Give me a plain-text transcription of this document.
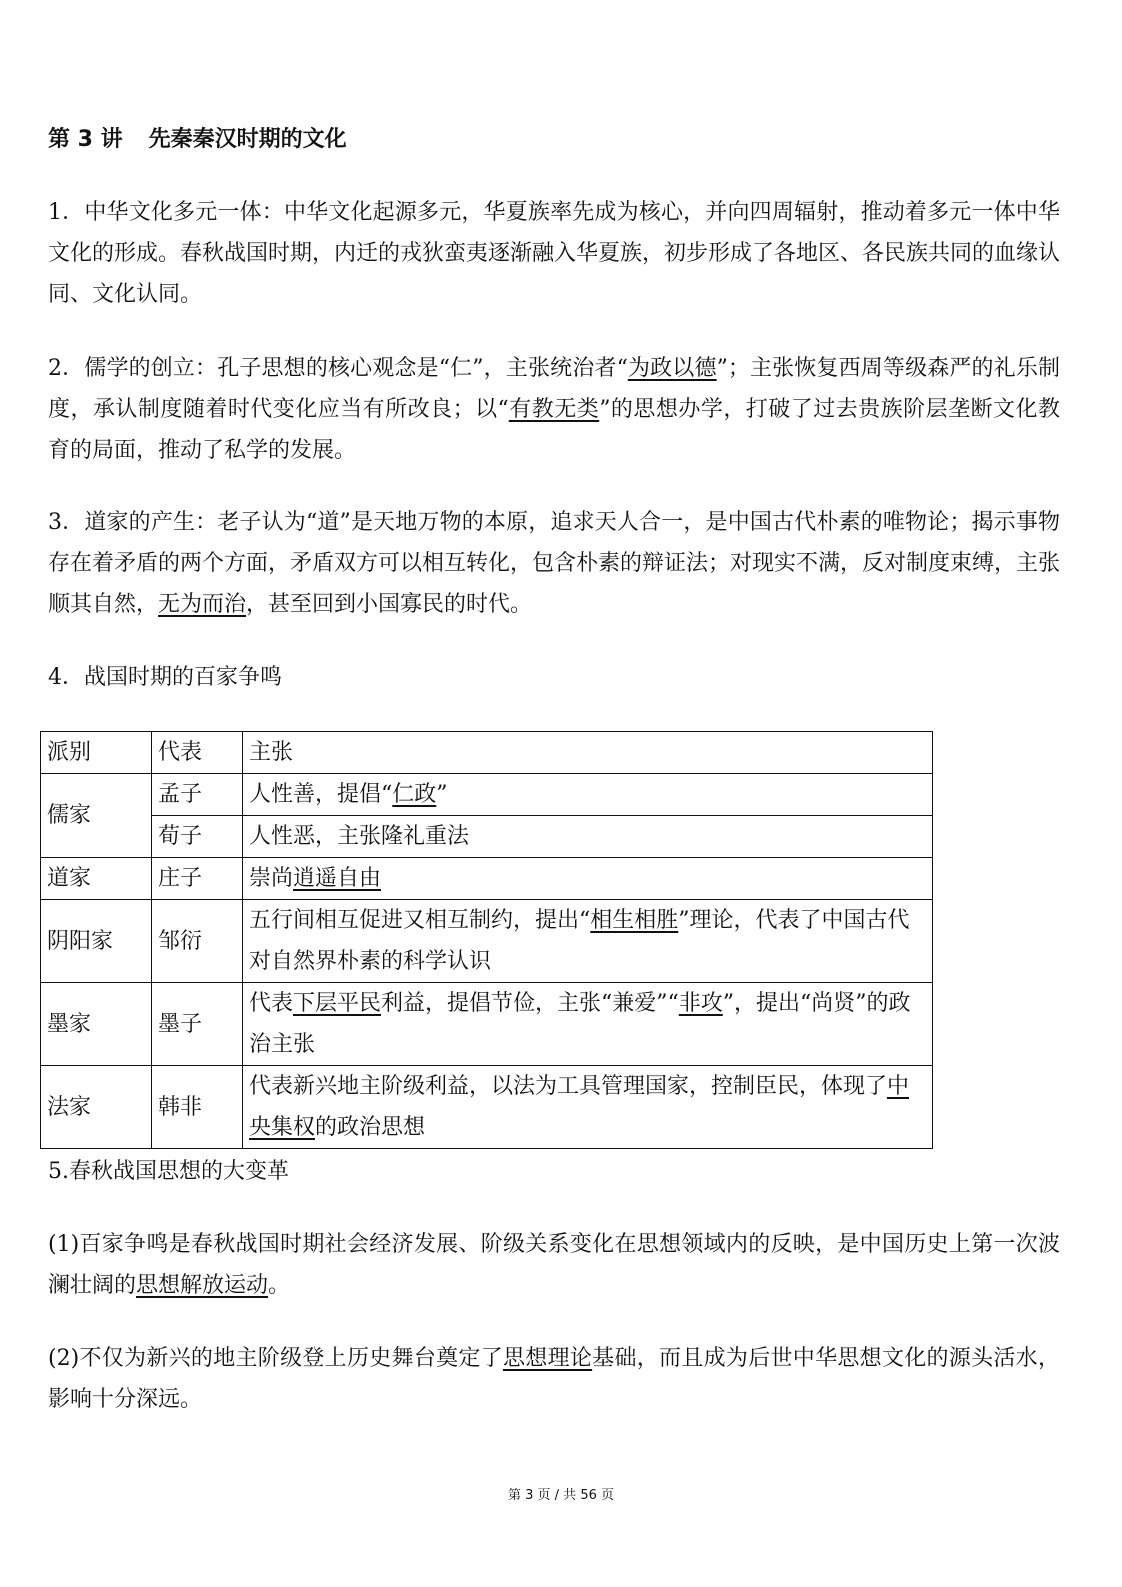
第 3 讲 先秦秦汉时期的文化
1．中华文化多元一体：中华文化起源多元，华夏族率先成为核心，并向四周辐射，推动着多元一体中华文化的形成。春秋战国时期，内迁的戎狄蛮夷逐渐融入华夏族，初步形成了各地区、各民族共同的血缘认同、文化认同。
2．儒学的创立：孔子思想的核心观念是“仁”，主张统治者“为政以德”；主张恢复西周等级森严的礼乐制度，承认制度随着时代变化应当有所改良；以“有教无类”的思想办学，打破了过去贵族阶层垄断文化教育的局面，推动了私学的发展。
3．道家的产生：老子认为“道”是天地万物的本原，追求天人合一，是中国古代朴素的唯物论；揭示事物存在着矛盾的两个方面，矛盾双方可以相互转化，包含朴素的辩证法；对现实不满，反对制度束缚，主张顺其自然，无为而治，甚至回到小国寡民的时代。
4．战国时期的百家争鸣
派别	代表	主张
儒家	孟子	人性善，提倡“仁政”
	荀子	人性恶，主张隆礼重法
道家	庄子	崇尚逍遥自由
阴阳家	邹衍	五行间相互促进又相互制约，提出“相生相胜”理论，代表了中国古代对自然界朴素的科学认识
墨家	墨子	代表下层平民利益，提倡节俭，主张“兼爱”“非攻”，提出“尚贤”的政治主张
法家	韩非	代表新兴地主阶级利益，以法为工具管理国家，控制臣民，体现了中央集权的政治思想
5.春秋战国思想的大变革
(1)百家争鸣是春秋战国时期社会经济发展、阶级关系变化在思想领域内的反映，是中国历史上第一次波澜壮阔的思想解放运动。
(2)不仅为新兴的地主阶级登上历史舞台奠定了思想理论基础，而且成为后世中华思想文化的源头活水，影响十分深远。
第 3 页 / 共 56 页
